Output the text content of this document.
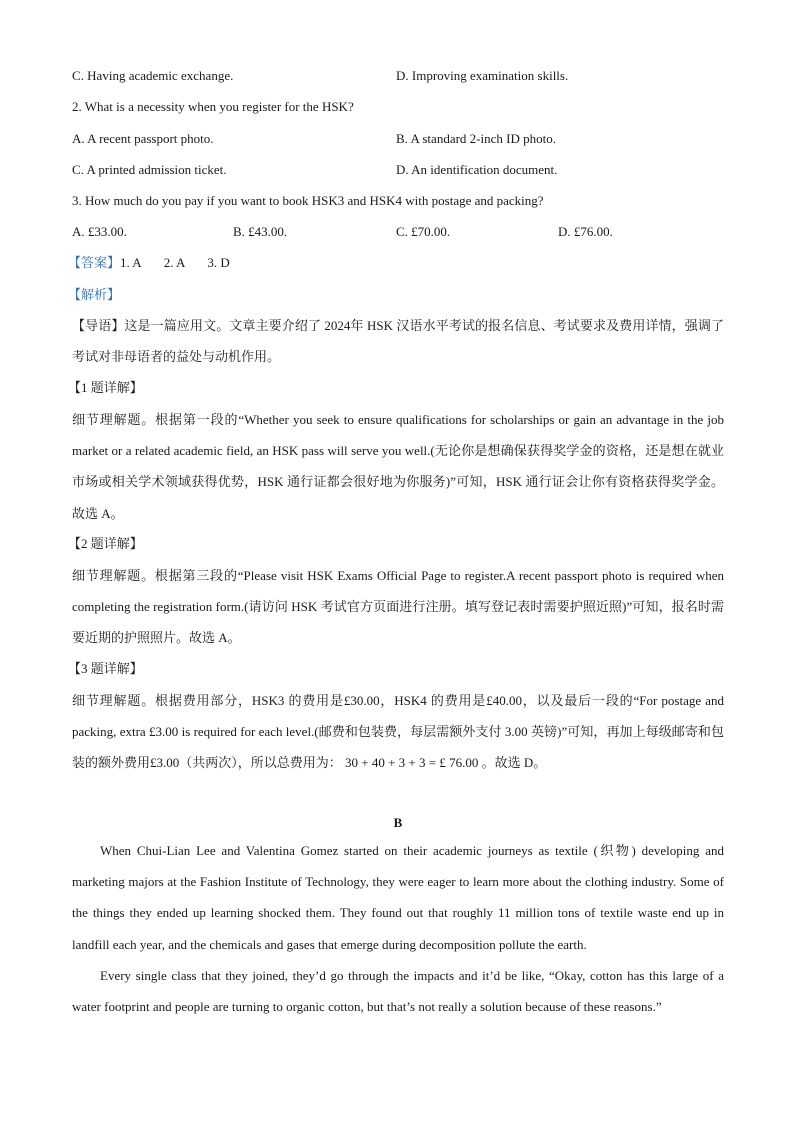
C. Having academic exchange.	D. Improving examination skills.
2. What is a necessity when you register for the HSK?
A. A recent passport photo.	B. A standard 2-inch ID photo.
C. A printed admission ticket.	D. An identification document.
3. How much do you pay if you want to book HSK3 and HSK4 with postage and packing?
A. £33.00.	B. £43.00.	C. £70.00.	D. £76.00.
【答案】1. A 2. A 3. D
【解析】
【导语】这是一篇应用文。文章主要介绍了 2024年 HSK 汉语水平考试的报名信息、考试要求及费用详情，强调了考试对非母语者的益处与动机作用。
【1 题详解】
细节理解题。根据第一段的“Whether you seek to ensure qualifications for scholarships or gain an advantage in the job market or a related academic field, an HSK pass will serve you well.(无论你是想确保获得奖学金的资格，还是想在就业市场或相关学术领域获得优势，HSK 通行证都会很好地为你服务)”可知，HSK 通行证会让你有资格获得奖学金。故选 A。
【2 题详解】
细节理解题。根据第三段的“Please visit HSK Exams Official Page to register.A recent passport photo is required when completing the registration form.(请访问 HSK 考试官方页面进行注册。填写登记表时需要护照近照)”可知，报名时需要近期的护照照片。故选 A。
【3 题详解】
细节理解题。根据费用部分，HSK3 的费用是£30.00，HSK4 的费用是£40.00，以及最后一段的“For postage and packing, extra £3.00 is required for each level.(邮费和包装费，每层需额外支付 3.00 英镑)”可知，再加上每级邮寄和包装的额外费用£3.00（共两次），所以总费用为： 30 + 40 + 3 + 3 = £ 76.00 。故选 D。
B
When Chui-Lian Lee and Valentina Gomez started on their academic journeys as textile (织物) developing and marketing majors at the Fashion Institute of Technology, they were eager to learn more about the clothing industry. Some of the things they ended up learning shocked them. They found out that roughly 11 million tons of textile waste end up in landfill each year, and the chemicals and gases that emerge during decomposition pollute the earth.
Every single class that they joined, they’d go through the impacts and it’d be like, “Okay, cotton has this large of a water footprint and people are turning to organic cotton, but that’s not really a solution because of these reasons.”
